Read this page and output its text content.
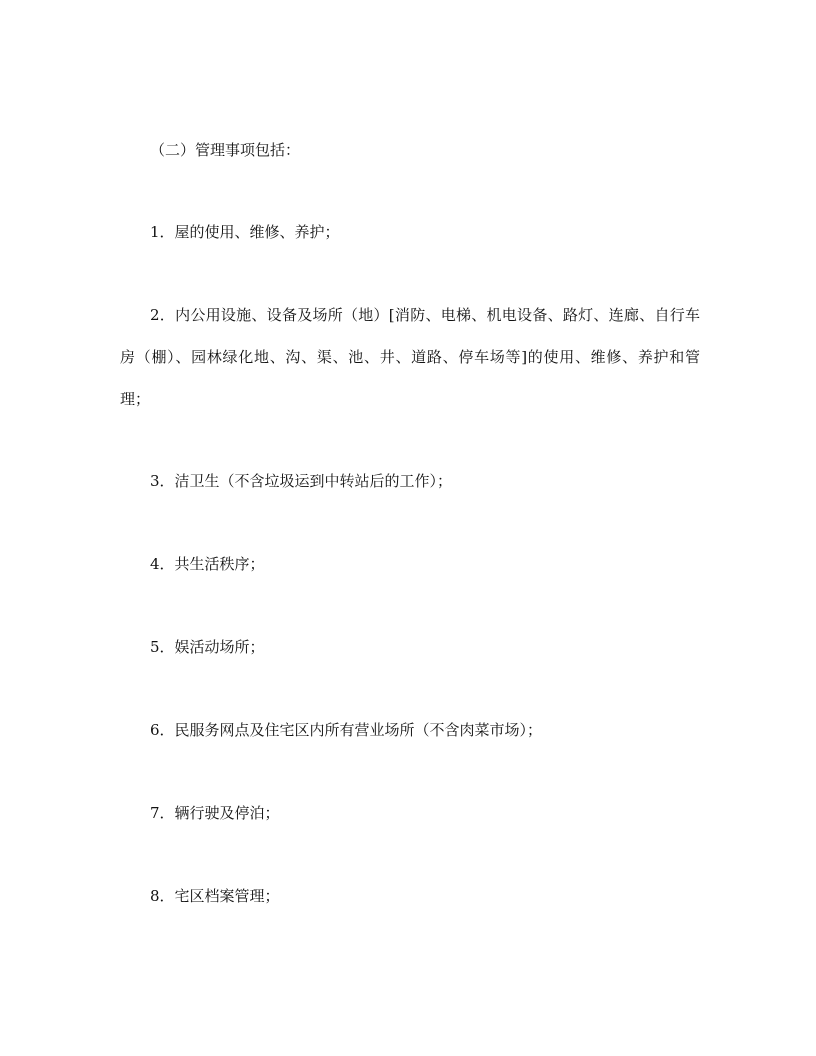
（二）管理事项包括：
1．屋的使用、维修、养护；
2．内公用设施、设备及场所（地）[消防、电梯、机电设备、路灯、连廊、自行车房（棚）、园林绿化地、沟、渠、池、井、道路、停车场等]的使用、维修、养护和管理；
3．洁卫生（不含垃圾运到中转站后的工作）；
4．共生活秩序；
5．娱活动场所；
6．民服务网点及住宅区内所有营业场所（不含肉菜市场）；
7．辆行驶及停泊；
8．宅区档案管理；
